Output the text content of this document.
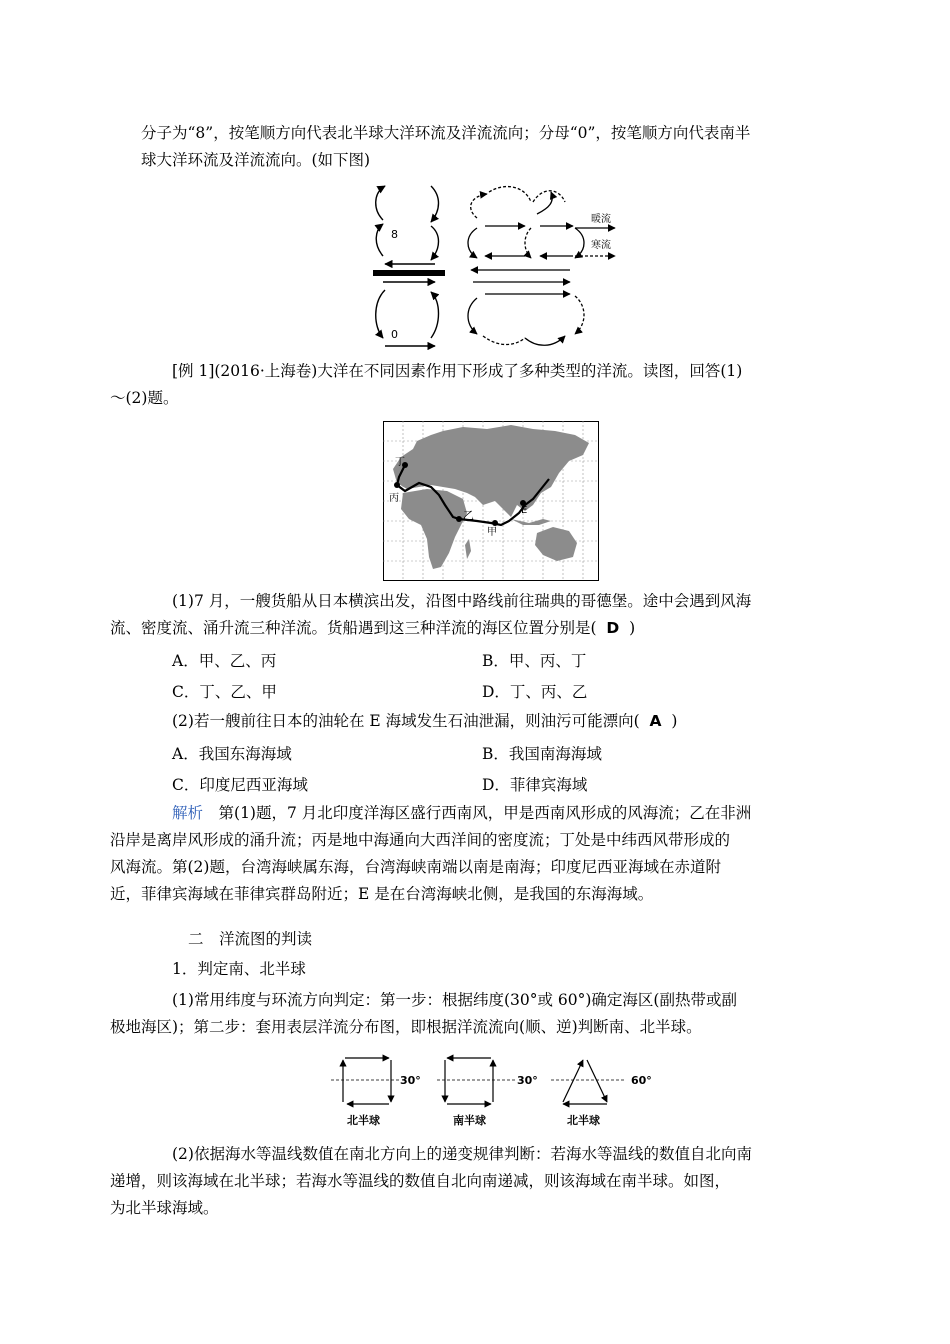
分子为“8”，按笔顺方向代表北半球大洋环流及洋流流向；分母“0”，按笔顺方向代表南半
球大洋环流及洋流流向。(如下图)

8
0
暖流
寒流

[例 1](2016·上海卷)大洋在不同因素作用下形成了多种类型的洋流。读图，回答(1)
～(2)题。

丁
丙
乙
甲
E

(1)7 月，一艘货船从日本横滨出发，沿图中路线前往瑞典的哥德堡。途中会遇到风海
流、密度流、涌升流三种洋流。货船遇到这三种洋流的海区位置分别是( D )

A．甲、乙、丙	B．甲、丙、丁

C．丁、乙、甲	D．丁、丙、乙

(2)若一艘前往日本的油轮在 E 海域发生石油泄漏，则油污可能漂向( A )

A．我国东海海域	B．我国南海海域

C．印度尼西亚海域	D．菲律宾海域

解析　第(1)题，7 月北印度洋海区盛行西南风，甲是西南风形成的风海流；乙在非洲
沿岸是离岸风形成的涌升流；丙是地中海通向大西洋间的密度流；丁处是中纬西风带形成的
风海流。第(2)题，台湾海峡属东海，台湾海峡南端以南是南海；印度尼西亚海域在赤道附
近，菲律宾海域在菲律宾群岛附近；E 是在台湾海峡北侧，是我国的东海海域。

二　洋流图的判读

1．判定南、北半球

(1)常用纬度与环流方向判定：第一步：根据纬度(30°或 60°)确定海区(副热带或副
极地海区)；第二步：套用表层洋流分布图，即根据洋流流向(顺、逆)判断南、北半球。

30°	30°	60°
北半球	南半球	北半球

(2)依据海水等温线数值在南北方向上的递变规律判断：若海水等温线的数值自北向南
递增，则该海域在北半球；若海水等温线的数值自北向南递减，则该海域在南半球。如图，
为北半球海域。
